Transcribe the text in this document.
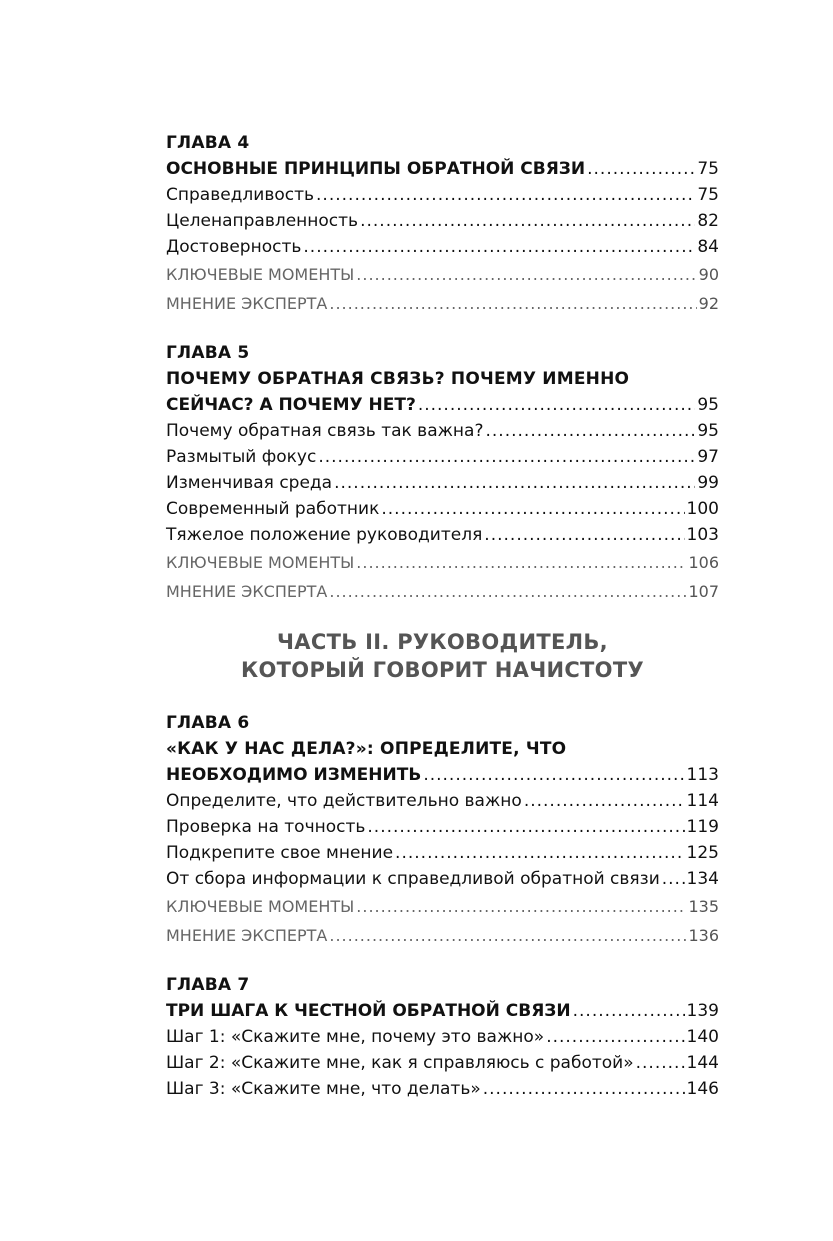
ГЛАВА 4
ОСНОВНЫЕ ПРИНЦИПЫ ОБРАТНОЙ СВЯЗИ .....	75
Справедливость .....	75
Целенаправленность .....	82
Достоверность .....	84
КЛЮЧЕВЫЕ МОМЕНТЫ .....	90
МНЕНИЕ ЭКСПЕРТА .....	92
ГЛАВА 5
ПОЧЕМУ ОБРАТНАЯ СВЯЗЬ? ПОЧЕМУ ИМЕННО
СЕЙЧАС? А ПОЧЕМУ НЕТ? .....	95
Почему обратная связь так важна? .....	95
Размытый фокус .....	97
Изменчивая среда .....	99
Современный работник .....	100
Тяжелое положение руководителя .....	103
КЛЮЧЕВЫЕ МОМЕНТЫ .....	106
МНЕНИЕ ЭКСПЕРТА .....	107
ЧАСТЬ II. РУКОВОДИТЕЛЬ,
КОТОРЫЙ ГОВОРИТ НАЧИСТОТУ
ГЛАВА 6
«КАК У НАС ДЕЛА?»: ОПРЕДЕЛИТЕ, ЧТО
НЕОБХОДИМО ИЗМЕНИТЬ .....	113
Определите, что действительно важно .....	114
Проверка на точность .....	119
Подкрепите свое мнение .....	125
От сбора информации к справедливой обратной связи ..... 134
КЛЮЧЕВЫЕ МОМЕНТЫ .....	135
МНЕНИЕ ЭКСПЕРТА .....	136
ГЛАВА 7
ТРИ ШАГА К ЧЕСТНОЙ ОБРАТНОЙ СВЯЗИ .....	139
Шаг 1: «Скажите мне, почему это важно» .....	140
Шаг 2: «Скажите мне, как я справляюсь с работой» .....	144
Шаг 3: «Скажите мне, что делать» .....	146
